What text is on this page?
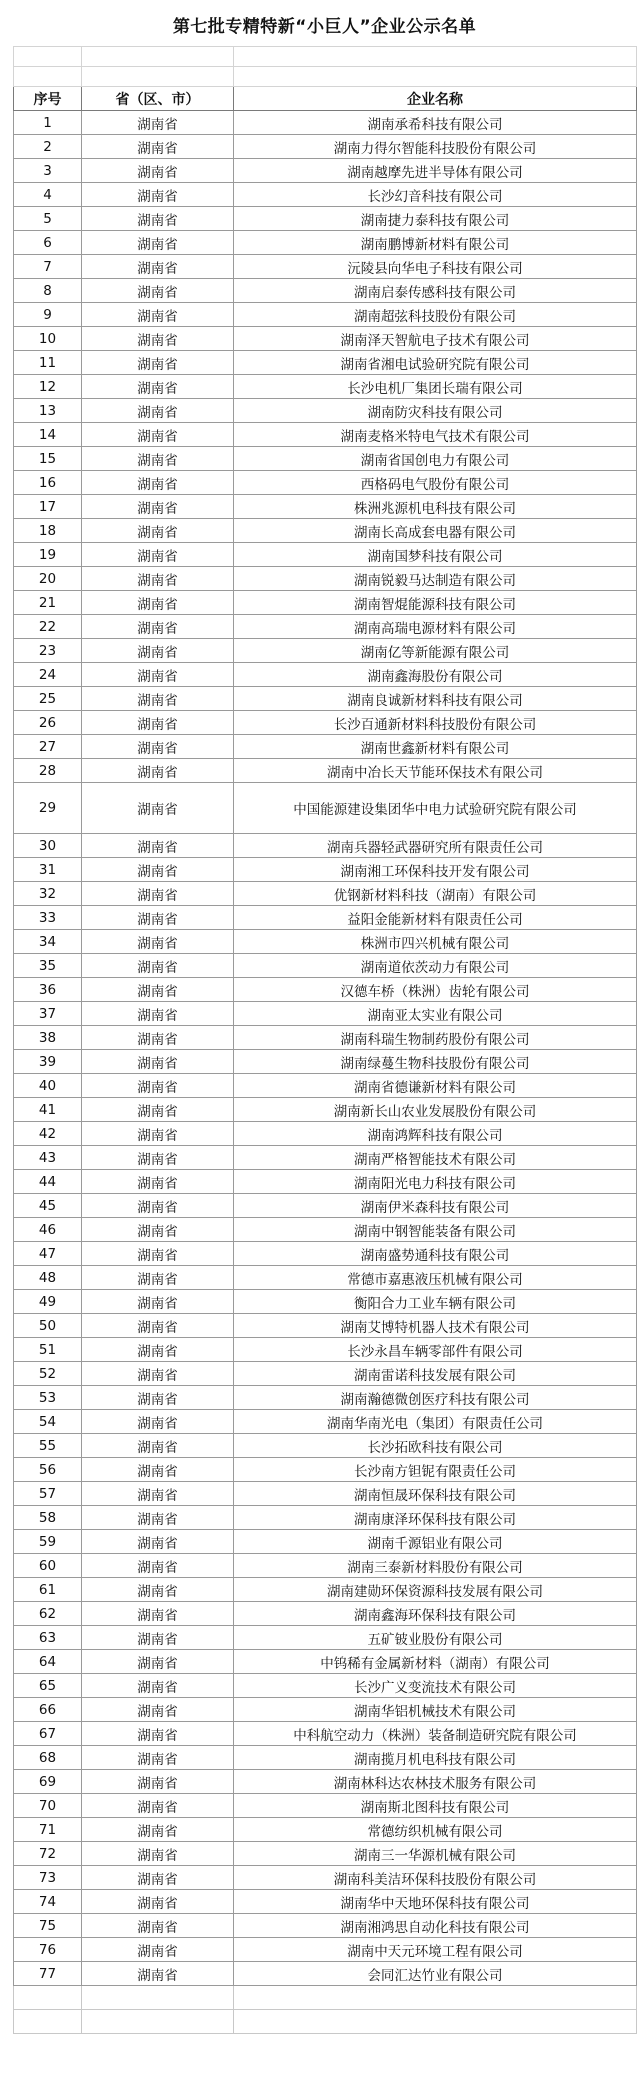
第七批专精特新“小巨人”企业公示名单

序号	省（区、市）	企业名称
1	湖南省	湖南承希科技有限公司
2	湖南省	湖南力得尔智能科技股份有限公司
3	湖南省	湖南越摩先进半导体有限公司
4	湖南省	长沙幻音科技有限公司
5	湖南省	湖南捷力泰科技有限公司
6	湖南省	湖南鹏博新材料有限公司
7	湖南省	沅陵县向华电子科技有限公司
8	湖南省	湖南启泰传感科技有限公司
9	湖南省	湖南超弦科技股份有限公司
10	湖南省	湖南泽天智航电子技术有限公司
11	湖南省	湖南省湘电试验研究院有限公司
12	湖南省	长沙电机厂集团长瑞有限公司
13	湖南省	湖南防灾科技有限公司
14	湖南省	湖南麦格米特电气技术有限公司
15	湖南省	湖南省国创电力有限公司
16	湖南省	西格码电气股份有限公司
17	湖南省	株洲兆源机电科技有限公司
18	湖南省	湖南长高成套电器有限公司
19	湖南省	湖南国梦科技有限公司
20	湖南省	湖南锐毅马达制造有限公司
21	湖南省	湖南智焜能源科技有限公司
22	湖南省	湖南高瑞电源材料有限公司
23	湖南省	湖南亿等新能源有限公司
24	湖南省	湖南鑫海股份有限公司
25	湖南省	湖南良诚新材料科技有限公司
26	湖南省	长沙百通新材料科技股份有限公司
27	湖南省	湖南世鑫新材料有限公司
28	湖南省	湖南中冶长天节能环保技术有限公司
29	湖南省	中国能源建设集团华中电力试验研究院有限公司
30	湖南省	湖南兵器轻武器研究所有限责任公司
31	湖南省	湖南湘工环保科技开发有限公司
32	湖南省	优钢新材料科技（湖南）有限公司
33	湖南省	益阳金能新材料有限责任公司
34	湖南省	株洲市四兴机械有限公司
35	湖南省	湖南道依茨动力有限公司
36	湖南省	汉德车桥（株洲）齿轮有限公司
37	湖南省	湖南亚太实业有限公司
38	湖南省	湖南科瑞生物制药股份有限公司
39	湖南省	湖南绿蔓生物科技股份有限公司
40	湖南省	湖南省德谦新材料有限公司
41	湖南省	湖南新长山农业发展股份有限公司
42	湖南省	湖南鸿辉科技有限公司
43	湖南省	湖南严格智能技术有限公司
44	湖南省	湖南阳光电力科技有限公司
45	湖南省	湖南伊米森科技有限公司
46	湖南省	湖南中钢智能装备有限公司
47	湖南省	湖南盛势通科技有限公司
48	湖南省	常德市嘉惠液压机械有限公司
49	湖南省	衡阳合力工业车辆有限公司
50	湖南省	湖南艾博特机器人技术有限公司
51	湖南省	长沙永昌车辆零部件有限公司
52	湖南省	湖南雷诺科技发展有限公司
53	湖南省	湖南瀚德微创医疗科技有限公司
54	湖南省	湖南华南光电（集团）有限责任公司
55	湖南省	长沙拓欧科技有限公司
56	湖南省	长沙南方钽铌有限责任公司
57	湖南省	湖南恒晟环保科技有限公司
58	湖南省	湖南康泽环保科技有限公司
59	湖南省	湖南千源铝业有限公司
60	湖南省	湖南三泰新材料股份有限公司
61	湖南省	湖南建勋环保资源科技发展有限公司
62	湖南省	湖南鑫海环保科技有限公司
63	湖南省	五矿铍业股份有限公司
64	湖南省	中钨稀有金属新材料（湖南）有限公司
65	湖南省	长沙广义变流技术有限公司
66	湖南省	湖南华铝机械技术有限公司
67	湖南省	中科航空动力（株洲）装备制造研究院有限公司
68	湖南省	湖南揽月机电科技有限公司
69	湖南省	湖南林科达农林技术服务有限公司
70	湖南省	湖南斯北图科技有限公司
71	湖南省	常德纺织机械有限公司
72	湖南省	湖南三一华源机械有限公司
73	湖南省	湖南科美洁环保科技股份有限公司
74	湖南省	湖南华中天地环保科技有限公司
75	湖南省	湖南湘鸿思自动化科技有限公司
76	湖南省	湖南中天元环境工程有限公司
77	湖南省	会同汇达竹业有限公司
